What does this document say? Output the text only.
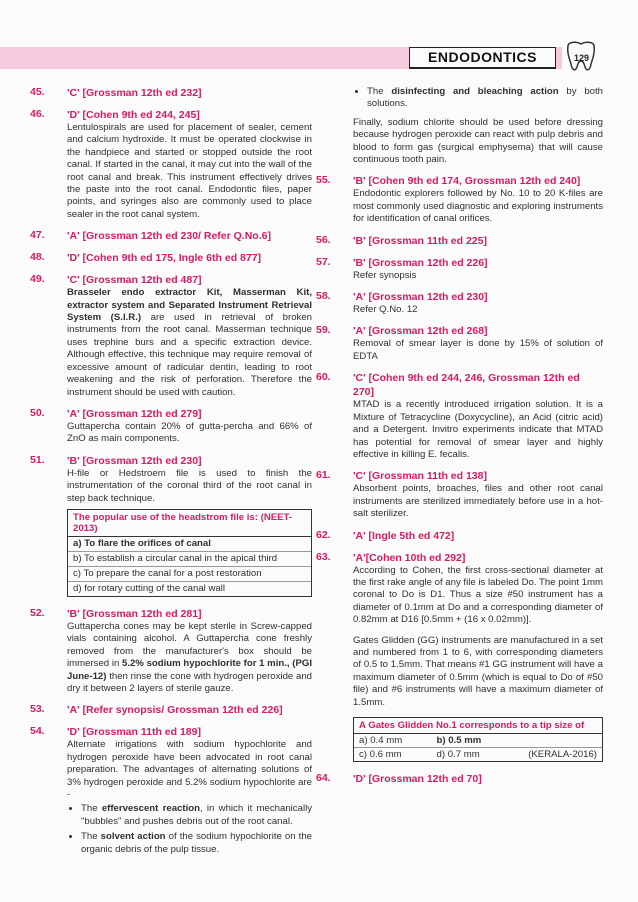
ENDODONTICS	129
45.	'C' [Grossman 12th ed 232]
46.	'D' [Cohen 9th ed 244, 245]
Lentulospirals are used for placement of sealer, cement and calcium hydroxide. It must be operated clockwise in the handpiece and started or stopped outside the root canal. If started in the canal, it may cut into the wall of the root canal and break. This instrument effectively drives the paste into the root canal. Endodontic files, paper points, and syringes also are commonly used to place sealer in the root canal system.
47.	'A' [Grossman 12th ed 230/ Refer Q.No.6]
48.	'D' [Cohen 9th ed 175, Ingle 6th ed 877]
49.	'C' [Grossman 12th ed 487]
Brasseler endo extractor Kit, Masserman Kit, extractor system and Separated Instrument Retrieval System (S.I.R.) are used in retrieval of broken instruments from the root canal. Masserman technique uses trephine burs and a specific extraction device. Although effective, this technique may require removal of excessive amount of radicular dentin, leading to root weakening and the risk of perforation. Therefore the instrument should be used with caution.
50.	'A' [Grossman 12th ed 279]
Guttapercha contain 20% of gutta-percha and 66% of ZnO as main components.
51.	'B' [Grossman 12th ed 230]
H-file or Hedstroem file is used to finish the instrumentation of the coronal third of the root canal in step back technique.
The popular use of the headstrom file is: (NEET-2013)
a) To flare the orifices of canal
b) To establish a circular canal in the apical third
c) To prepare the canal for a post restoration
d) for rotary cutting of the canal wall
52.	'B' [Grossman 12th ed 281]
Guttapercha cones may be kept sterile in Screw-capped vials containing alcohol. A Guttapercha cone freshly removed from the manufacturer's box should be immersed in 5.2% sodium hypochlorite for 1 min., (PGI June-12) then rinse the cone with hydrogen peroxide and dry it between 2 layers of sterile gauze.
53.	'A' [Refer synopsis/ Grossman 12th ed 226]
54.	'D' [Grossman 11th ed 189]
Alternate irrigations with sodium hypochlorite and hydrogen peroxide have been advocated in root canal preparation. The advantages of alternating solutions of 3% hydrogen peroxide and 5.2% sodium hypochlorite are -
• The effervescent reaction, in which it mechanically "bubbles" and pushes debris out of the root canal.
• The solvent action of the sodium hypochlorite on the organic debris of the pulp tissue.
• The disinfecting and bleaching action by both solutions.

Finally, sodium chlorite should be used before dressing because hydrogen peroxide can react with pulp debris and blood to form gas (surgical emphysema) that will cause continuous tooth pain.

55.	'B' [Cohen 9th ed 174, Grossman 12th ed 240]
Endodontic explorers followed by No. 10 to 20 K-files are most commonly used diagnostic and exploring instruments for identification of canal orifices.
56.	'B' [Grossman 11th ed 225]
57.	'B' [Grossman 12th ed 226]
Refer synopsis
58.	'A' [Grossman 12th ed 230]
Refer Q.No. 12
59.	'A' [Grossman 12th ed 268]
Removal of smear layer is done by 15% of solution of EDTA
60.	'C' [Cohen 9th ed 244, 246, Grossman 12th ed 270]
MTAD is a recently introduced irrigation solution. It is a Mixture of Tetracycline (Doxycycline), an Acid (citric acid) and a Detergent. Invitro experiments indicate that MTAD has potential for removal of smear layer and highly effective in killing E. fecalis.
61.	'C' [Grossman 11th ed 138]
Absorbent points, broaches, files and other root canal instruments are sterilized immediately before use in a hot-salt sterilizer.
62.	'A' [Ingle 5th ed 472]
63.	'A'[Cohen 10th ed 292]

According to Cohen, the first cross-sectional diameter at the first rake angle of any file is labeled Do. The point 1mm coronal to Do is D1. Thus a size #50 instrument has a diameter of 0.1mm at Do and a corresponding diameter of 0.82mm at D16 [0.5mm + (16 x 0.02mm)].

Gates Glidden (GG) instruments are manufactured in a set and numbered from 1 to 6, with corresponding diameters of 0.5 to 1.5mm. That means #1 GG instrument will have a maximum diameter of 0.5mm (which is equal to Do of #50 file) and #6 instruments will have a maximum diameter of 1.5mm.

A Gates Glidden No.1 corresponds to a tip size of
a) 0.4 mm	b) 0.5 mm
c) 0.6 mm	d) 0.7 mm	(KERALA-2016)
64.	'D' [Grossman 12th ed 70]
